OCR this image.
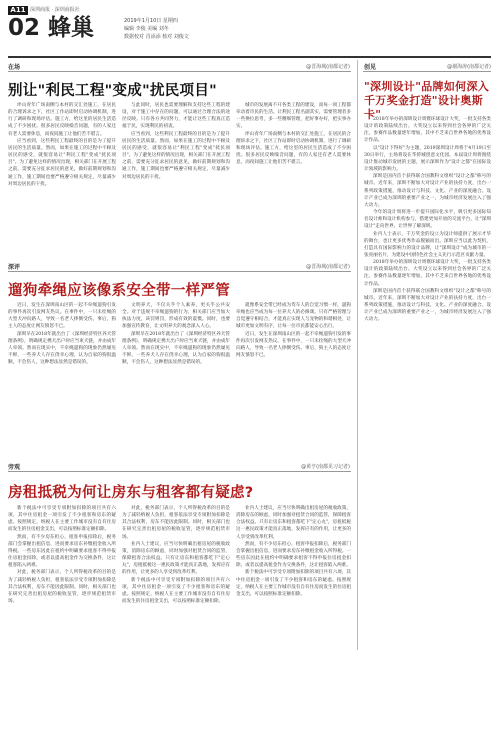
A11 深圳商报 · 深圳商报社
02 蜂巢	2019年1月10日 星期四
编辑 李俊 美编 刘冬
数据校对 肖添添 核对 刘俊文
在场	@晋海城(南都记者)
别让"利民工程"变成"扰民项目"

坪山青年广场南侧与本村的交汇处施工，在居民的合理诉求之下，社区工作站即时启动协调机制，进行了调研和现场评估。施工方，给这里的居民生活造成了不少困扰。很多居民反映噪音问题，有的人家还有老人需要休息，而夜间施工让他们苦不堪言。

应当看到，这些利民工程最终的目的是为了提升居民的生活质量。然而，如果在施工的过程中不顾及居民的感受，就很容易让"利民工程"变成"扰民项目"。为了避免这样的情况出现，相关部门在开展工程之前，需要充分征求居民的意见，做好前期规划和沟通工作，施工期间也要严格遵守相关规定，尽量减少对周边居民的干扰。

与此同时，居民也需要理解和支持这些工程的建设，对于施工中存在的问题，可以通过合理合法的途径反映。只有各方共同努力，才能让这些工程真正造福于民，实现利民的初衷。

应当看到，这些利民工程最终的目的是为了提升居民的生活质量。然而，如果在施工的过程中不顾及居民的感受，就很容易让"利民工程"变成"扰民项目"。为了避免这样的情况出现，相关部门在开展工程之前，需要充分征求居民的意见，做好前期规划和沟通工作，施工期间也要严格遵守相关规定，尽量减少对周边居民的干扰。

城市的发展离不开各类工程的建设，而每一项工程都牵动着市民的生活。让利民工程名副其实，需要管理者多一些换位思考，多一些精细管理，把好事办好，把实事办实。

坪山青年广场南侧与本村的交汇处施工，在居民的合理诉求之下，社区工作站即时启动协调机制，进行了调研和现场评估。施工方，给这里的居民生活造成了不少困扰。很多居民反映噪音问题，有的人家还有老人需要休息，而夜间施工让他们苦不堪言。

创见	@谢海涛(南都记者)
"深圳设计"品牌如何深入千万奖金打造"设计奥斯卡"

2018年举办的深圳设计周暨环球设计大奖，一批支持各类设计的政策陆续出台。大奖设立以来得到社会各界的广泛关注，参赛作品数量逐年增加，其中不乏来自世界各地的优秀设计作品。

以"设计下得好"为主题，2019深圳设计周将于4月19日至30日举行，主场将设在华侨城创意文化园。本届设计周将围绕设计推动城市发展的主题，展示深圳作为"设计之都"在国际设计领域的影响力。

深圳是国内首个获得联合国教科文组织"设计之都"称号的城市。近年来，深圳不断加大对设计产业的扶持力度，出台一系列政策措施，推动设计与科技、文化、产业的深度融合。设计产业已成为深圳的重要产业之一，为城市经济发展注入了强大动力。

今年的设计周将进一步提升国际化水平，吸引更多国际知名设计师和设计机构参与，搭建更加开放的交流平台，让"深圳设计"走向世界，让世界了解深圳。

业内人士表示，千万奖金的设立为设计师提供了展示才华的舞台，也让更多优秀作品脱颖而出。深圳应当以此为契机，打造具有国际影响力的设计品牌，让"深圳设计"成为城市的一张亮丽名片，为建设中国特色社会主义先行示范区贡献力量。

2018年举办的深圳设计周暨环球设计大奖，一批支持各类设计的政策陆续出台。大奖设立以来得到社会各界的广泛关注，参赛作品数量逐年增加，其中不乏来自世界各地的优秀设计作品。

深圳是国内首个获得联合国教科文组织"设计之都"称号的城市。近年来，深圳不断加大对设计产业的扶持力度，出台一系列政策措施，推动设计与科技、文化、产业的深度融合。设计产业已成为深圳的重要产业之一，为城市经济发展注入了强大动力。

深评	@晋海城(南都记者)
遛狗牵绳应该像系安全带一样严管

近日，发生在深圳南山区的一起不牵绳遛狗引发的事件再次引发网友热议。在事件中，一只未拴绳的大型犬冲向路人，导致一名老人摔倒受伤。事后，狗主人的态度让网友愤怒不已。

深圳早在2018年就出台了《深圳经济特区养犬管理条例》，明确规定携犬出户时应当束犬链，并由成年人牵领。然而在现实中，不牵绳遛狗的现象仍然屡见不鲜，一些养犬人存在侥幸心理，认为自家的狗很温顺，不会伤人，这种想法显然是错误的。

文明养犬，不仅关乎个人素养，更关乎公共安全。对于违规不牵绳遛狗的行为，相关部门应当加大执法力度，该罚则罚，形成有效的震慑。同时，也要加强宣传教育，让文明养犬的观念深入人心。

深圳早在2018年就出台了《深圳经济特区养犬管理条例》，明确规定携犬出户时应当束犬链，并由成年人牵领。然而在现实中，不牵绳遛狗的现象仍然屡见不鲜，一些养犬人存在侥幸心理，认为自家的狗很温顺，不会伤人，这种想法显然是错误的。

就像系安全带已经成为驾车人的自觉习惯一样，遛狗牵绳也应当成为每一位养犬人的必修课。只有严格管理与自觉遵守相结合，才能真正实现人与宠物的和谐相处，让城市更加文明有序，让每一位市民都能安心出行。

近日，发生在深圳南山区的一起不牵绳遛狗引发的事件再次引发网友热议。在事件中，一只未拴绳的大型犬冲向路人，导致一名老人摔倒受伤。事后，狗主人的态度让网友愤怒不已。

旁观	@黄亨(南都见习记者)
房租抵税为何让房东与租客都有疑虑?

新个税法中可享受专项附加扣除的项目共有六项，其中住房租金一项引发了不少租客和房东的疑虑。按照规定，纳税人在主要工作城市没有自有住房而发生的住房租金支出，可以按照标准定额扣除。

然而，有不少房东担心，租客申报扣除后，税务部门会掌握出租信息，进而要求房东补缴租金收入所得税。一些房东因此在租约中明确要求租客不得申报住房租金扣除，或者以提高租金作为交换条件，这让租客陷入两难。

对此，税务部门表示，个人所得税改革的目的是为了减轻纳税人负担，租客依法享受专项附加扣除是其合法权利，房东不能因此限制。同时，相关部门也在研究完善出租房屋的税收征管，逐步规范租赁市场。

对此，税务部门表示，个人所得税改革的目的是为了减轻纳税人负担，租客依法享受专项附加扣除是其合法权利，房东不能因此限制。同时，相关部门也在研究完善出租房屋的税收征管，逐步规范租赁市场。

业内人士建议，应当尽快明确出租房屋的税收政策，消除房东的顾虑，同时加强对租赁合同的监管，保障租客合法权益。只有让房东和租客都吃下"定心丸"，房租抵税这一惠民政策才能真正落地，发挥应有的作用，让更多的人享受到改革红利。

新个税法中可享受专项附加扣除的项目共有六项，其中住房租金一项引发了不少租客和房东的疑虑。按照规定，纳税人在主要工作城市没有自有住房而发生的住房租金支出，可以按照标准定额扣除。

业内人士建议，应当尽快明确出租房屋的税收政策，消除房东的顾虑，同时加强对租赁合同的监管，保障租客合法权益。只有让房东和租客都吃下"定心丸"，房租抵税这一惠民政策才能真正落地，发挥应有的作用，让更多的人享受到改革红利。

然而，有不少房东担心，租客申报扣除后，税务部门会掌握出租信息，进而要求房东补缴租金收入所得税。一些房东因此在租约中明确要求租客不得申报住房租金扣除，或者以提高租金作为交换条件，这让租客陷入两难。

新个税法中可享受专项附加扣除的项目共有六项，其中住房租金一项引发了不少租客和房东的疑虑。按照规定，纳税人在主要工作城市没有自有住房而发生的住房租金支出，可以按照标准定额扣除。
